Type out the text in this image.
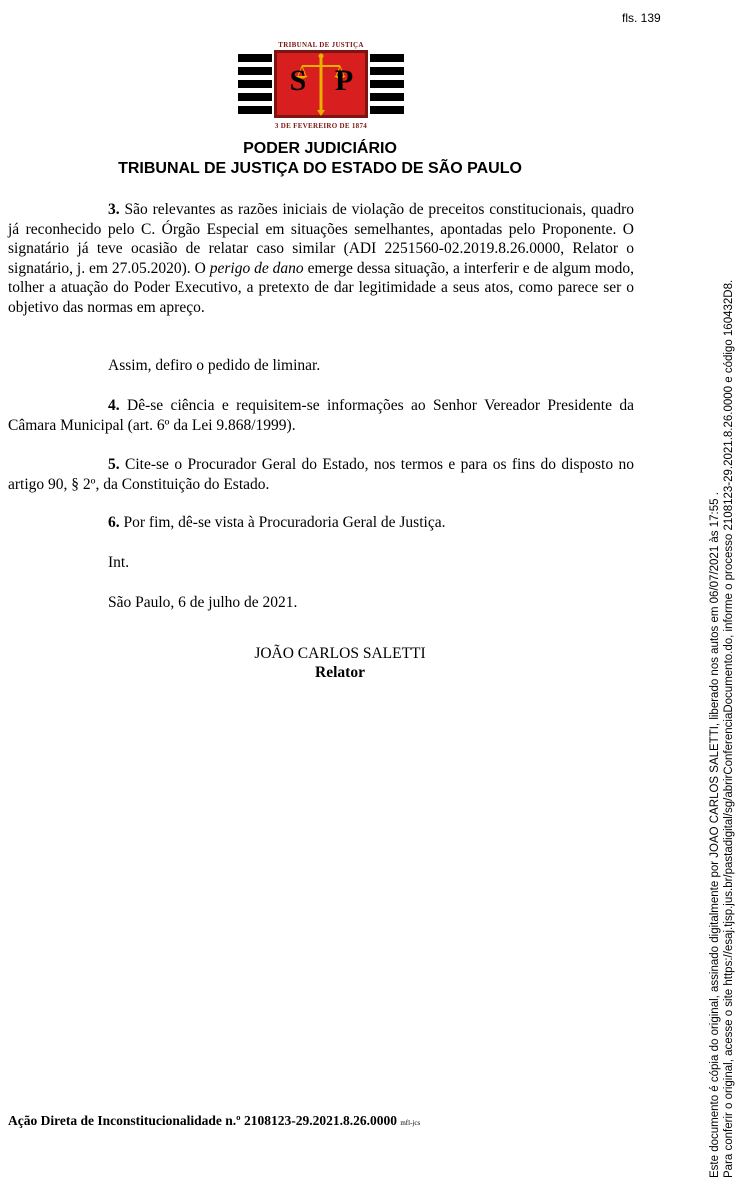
fls. 139
TRIBUNAL DE JUSTIÇA
S P
3 DE FEVEREIRO DE 1874
PODER JUDICIÁRIO
TRIBUNAL DE JUSTIÇA DO ESTADO DE SÃO PAULO

3. São relevantes as razões iniciais de violação de preceitos constitucionais, quadro já reconhecido pelo C. Órgão Especial em situações semelhantes, apontadas pelo Proponente. O signatário já teve ocasião de relatar caso similar (ADI 2251560-02.2019.8.26.0000, Relator o signatário, j. em 27.05.2020). O perigo de dano emerge dessa situação, a interferir e de algum modo, tolher a atuação do Poder Executivo, a pretexto de dar legitimidade a seus atos, como parece ser o objetivo das normas em apreço.

Assim, defiro o pedido de liminar.

4. Dê-se ciência e requisitem-se informações ao Senhor Vereador Presidente da Câmara Municipal (art. 6º da Lei 9.868/1999).

5. Cite-se o Procurador Geral do Estado, nos termos e para os fins do disposto no artigo 90, § 2º, da Constituição do Estado.

6. Por fim, dê-se vista à Procuradoria Geral de Justiça.

Int.

São Paulo, 6 de julho de 2021.

JOÃO CARLOS SALETTI
Relator
Ação Direta de Inconstitucionalidade n.º 2108123-29.2021.8.26.0000 mfl-jcs	Este documento é cópia do original, assinado digitalmente por JOAO CARLOS SALETTI, liberado nos autos em 06/07/2021 às 17:55 . Para conferir o original, acesse o site https://esaj.tjsp.jus.br/pastadigital/sg/abrirConferenciaDocumento.do, informe o processo 2108123-29.2021.8.26.0000 e código 160432D8.
